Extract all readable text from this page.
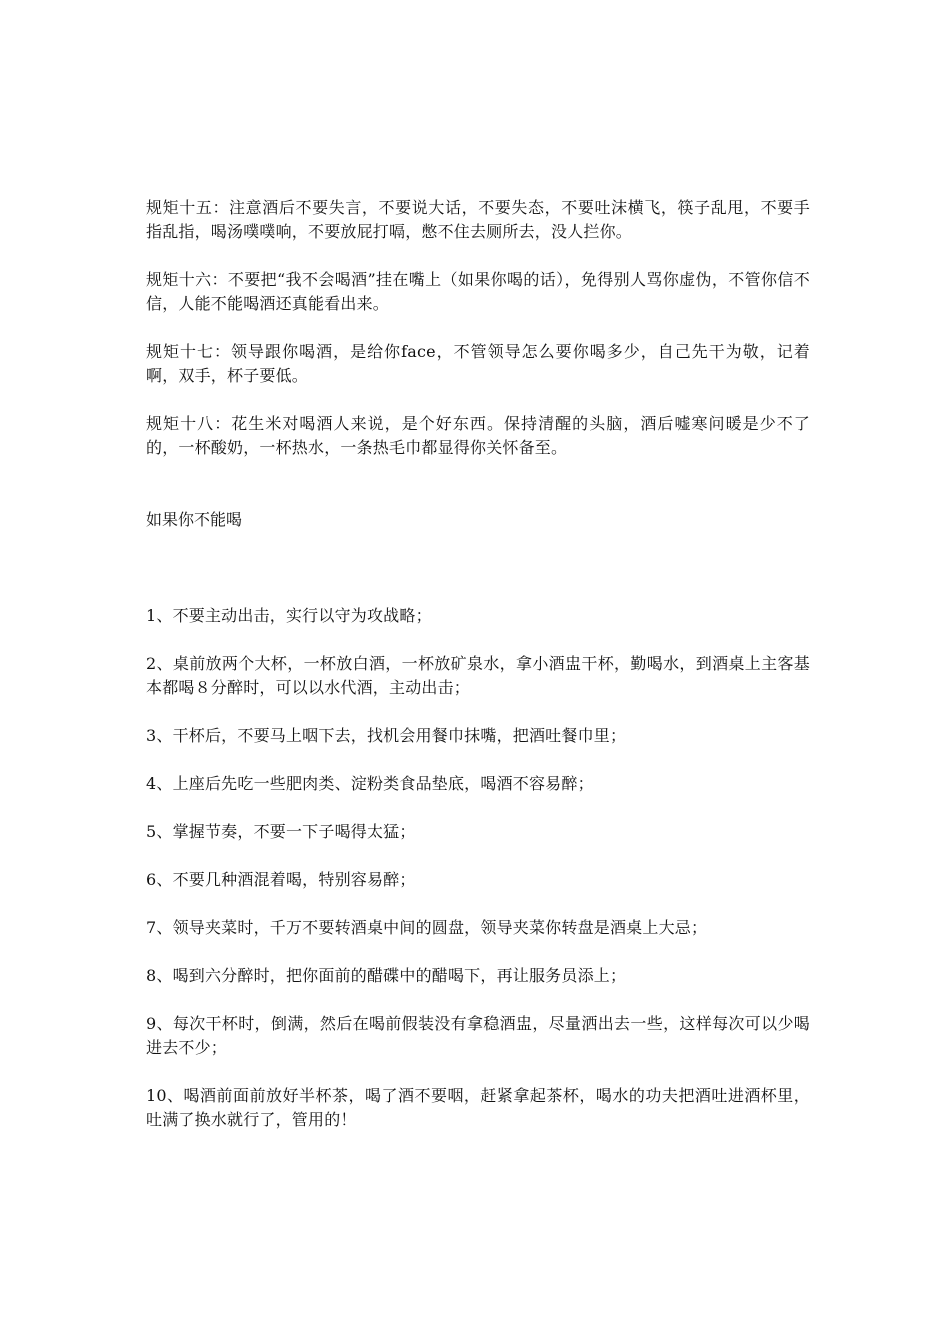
规矩十五：注意酒后不要失言，不要说大话，不要失态，不要吐沫横飞，筷子乱甩，不要手指乱指，喝汤噗噗响，不要放屁打嗝，憋不住去厕所去，没人拦你。

规矩十六：不要把“我不会喝酒”挂在嘴上（如果你喝的话），免得别人骂你虚伪，不管你信不信，人能不能喝酒还真能看出来。

规矩十七：领导跟你喝酒，是给你face，不管领导怎么要你喝多少，自己先干为敬，记着啊，双手，杯子要低。

规矩十八：花生米对喝酒人来说，是个好东西。保持清醒的头脑，酒后嘘寒问暖是少不了的，一杯酸奶，一杯热水，一条热毛巾都显得你关怀备至。

如果你不能喝

1、不要主动出击，实行以守为攻战略；

2、桌前放两个大杯，一杯放白酒，一杯放矿泉水，拿小酒盅干杯，勤喝水，到酒桌上主客基本都喝８分醉时，可以以水代酒，主动出击；

3、干杯后，不要马上咽下去，找机会用餐巾抹嘴，把酒吐餐巾里；

4、上座后先吃一些肥肉类、淀粉类食品垫底，喝酒不容易醉；

5、掌握节奏，不要一下子喝得太猛；

6、不要几种酒混着喝，特别容易醉；

7、领导夹菜时，千万不要转酒桌中间的圆盘，领导夹菜你转盘是酒桌上大忌；

8、喝到六分醉时，把你面前的醋碟中的醋喝下，再让服务员添上；

9、每次干杯时，倒满，然后在喝前假装没有拿稳酒盅，尽量洒出去一些，这样每次可以少喝进去不少；

10、喝酒前面前放好半杯茶，喝了酒不要咽，赶紧拿起茶杯，喝水的功夫把酒吐进酒杯里，吐满了换水就行了，管用的！
